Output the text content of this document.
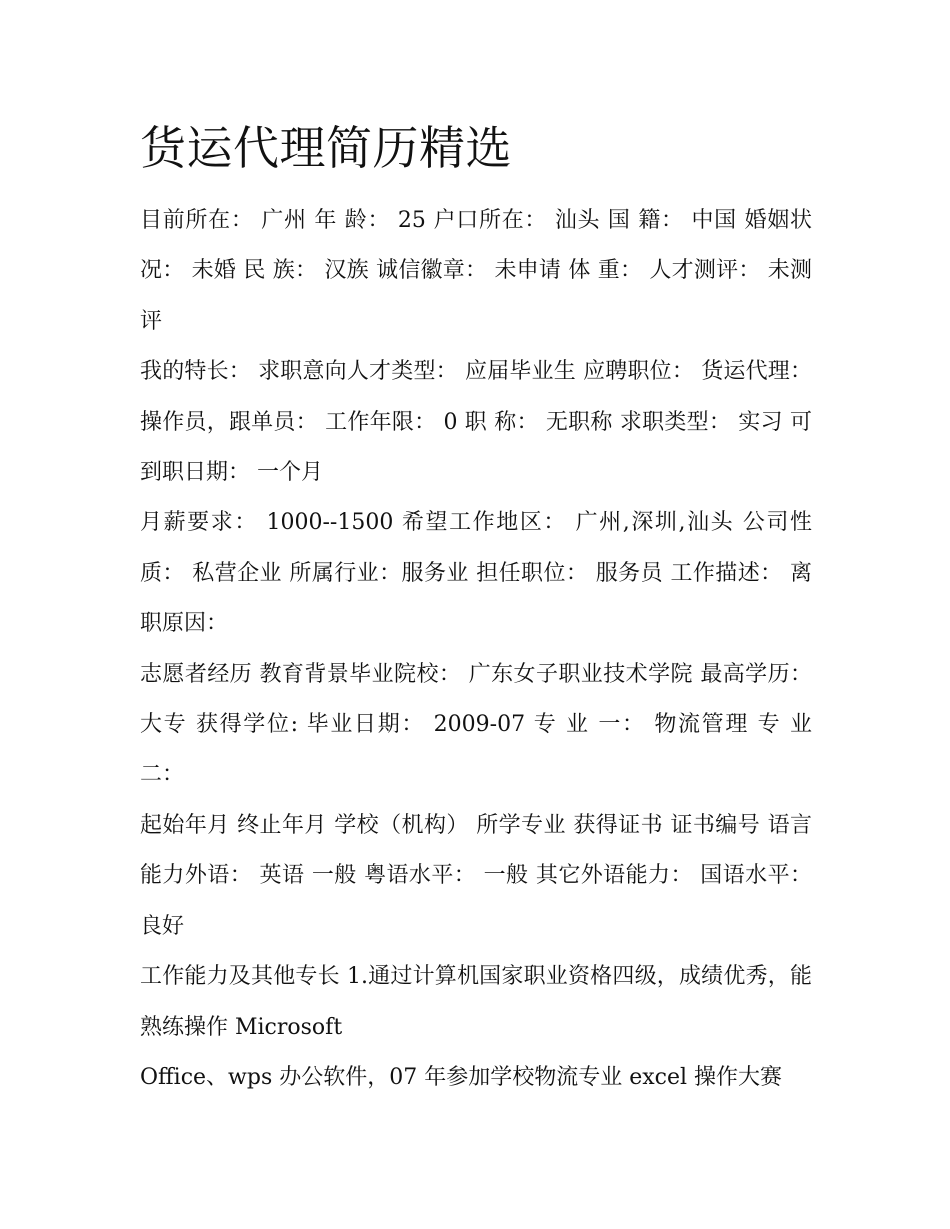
货运代理简历精选

目前所在： 广州 年 龄： 25 户口所在： 汕头 国 籍： 中国 婚姻状况： 未婚 民 族： 汉族 诚信徽章： 未申请 体 重： 人才测评： 未测评

我的特长： 求职意向人才类型： 应届毕业生 应聘职位： 货运代理：操作员，跟单员： 工作年限： 0 职 称： 无职称 求职类型： 实习 可到职日期： 一个月

月薪要求： 1000--1500 希望工作地区： 广州,深圳,汕头 公司性质： 私营企业 所属行业：服务业 担任职位： 服务员 工作描述： 离职原因：

志愿者经历 教育背景毕业院校： 广东女子职业技术学院 最高学历： 大专 获得学位: 毕业日期： 2009-07 专 业 一： 物流管理 专 业 二：

起始年月 终止年月 学校（机构） 所学专业 获得证书 证书编号 语言能力外语： 英语 一般 粤语水平： 一般 其它外语能力： 国语水平： 良好

工作能力及其他专长 1.通过计算机国家职业资格四级，成绩优秀，能熟练操作 Microsoft

Office、wps 办公软件，07 年参加学校物流专业 excel 操作大赛
